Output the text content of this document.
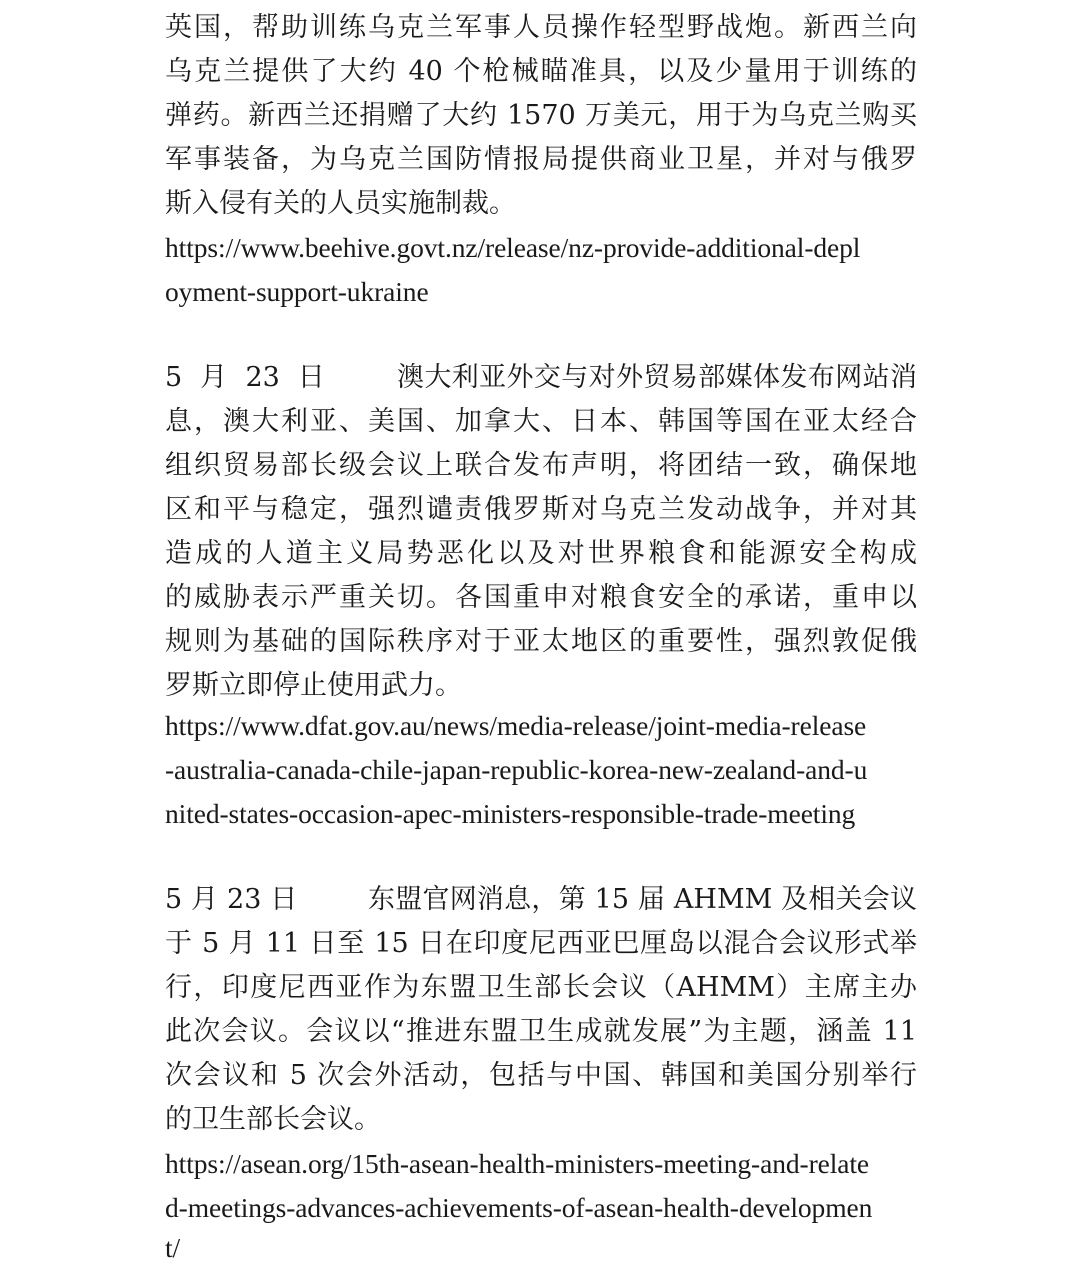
英国，帮助训练乌克兰军事人员操作轻型野战炮。新西兰向
乌克兰提供了大约 40 个枪械瞄准具，以及少量用于训练的
弹药。新西兰还捐赠了大约 1570 万美元，用于为乌克兰购买
军事装备，为乌克兰国防情报局提供商业卫星，并对与俄罗
斯入侵有关的人员实施制裁。
https://www.beehive.govt.nz/release/nz-provide-additional-depl
oyment-support-ukraine
5  月  23  日        澳大利亚外交与对外贸易部媒体发布网站消
息，澳大利亚、美国、加拿大、日本、韩国等国在亚太经合
组织贸易部长级会议上联合发布声明，将团结一致，确保地
区和平与稳定，强烈谴责俄罗斯对乌克兰发动战争，并对其
造成的人道主义局势恶化以及对世界粮食和能源安全构成
的威胁表示严重关切。各国重申对粮食安全的承诺，重申以
规则为基础的国际秩序对于亚太地区的重要性，强烈敦促俄
罗斯立即停止使用武力。
https://www.dfat.gov.au/news/media-release/joint-media-release
-australia-canada-chile-japan-republic-korea-new-zealand-and-u
nited-states-occasion-apec-ministers-responsible-trade-meeting
5 月 23 日        东盟官网消息，第 15 届 AHMM 及相关会议
于 5 月 11 日至 15 日在印度尼西亚巴厘岛以混合会议形式举
行，印度尼西亚作为东盟卫生部长会议（AHMM）主席主办
此次会议。会议以“推进东盟卫生成就发展”为主题，涵盖 11
次会议和 5 次会外活动，包括与中国、韩国和美国分别举行
的卫生部长会议。
https://asean.org/15th-asean-health-ministers-meeting-and-relate
d-meetings-advances-achievements-of-asean-health-developmen
t/
